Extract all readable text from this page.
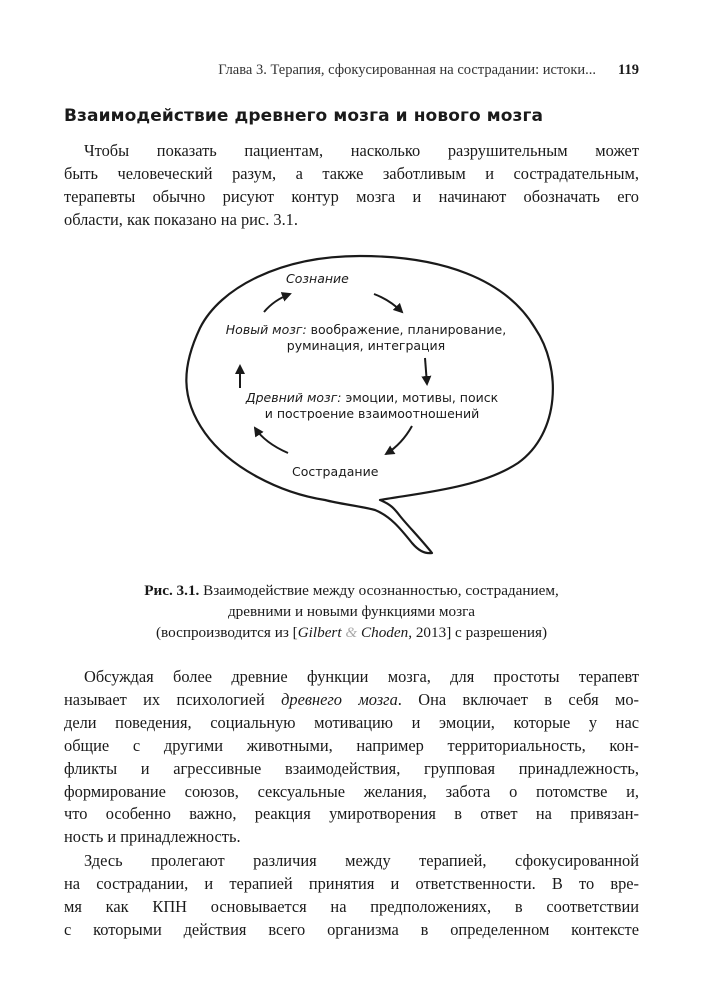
Глава 3. Терапия, сфокусированная на сострадании: истоки... 119
Взаимодействие древнего мозга и нового мозга

Чтобы показать пациентам, насколько разрушительным может
быть человеческий разум, а также заботливым и сострадательным,
терапевты обычно рисуют контур мозга и начинают обозначать его
области, как показано на рис. 3.1.

Сознание
Новый мозг: воображение, планирование,
руминация, интеграция
Древний мозг: эмоции, мотивы, поиск
и построение взаимоотношений
Сострадание
Рис. 3.1. Взаимодействие между осознанностью, состраданием,
древними и новыми функциями мозга
(воспроизводится из [Gilbert & Choden, 2013] с разрешения)

Обсуждая более древние функции мозга, для простоты терапевт
называет их психологией древнего мозга. Она включает в себя мо-
дели поведения, социальную мотивацию и эмоции, которые у нас
общие с другими животными, например территориальность, кон-
фликты и агрессивные взаимодействия, групповая принадлежность,
формирование союзов, сексуальные желания, забота о потомстве и,
что особенно важно, реакция умиротворения в ответ на привязан-
ность и принадлежность.

Здесь пролегают различия между терапией, сфокусированной
на сострадании, и терапией принятия и ответственности. В то вре-
мя как КПН основывается на предположениях, в соответствии
с которыми действия всего организма в определенном контексте
